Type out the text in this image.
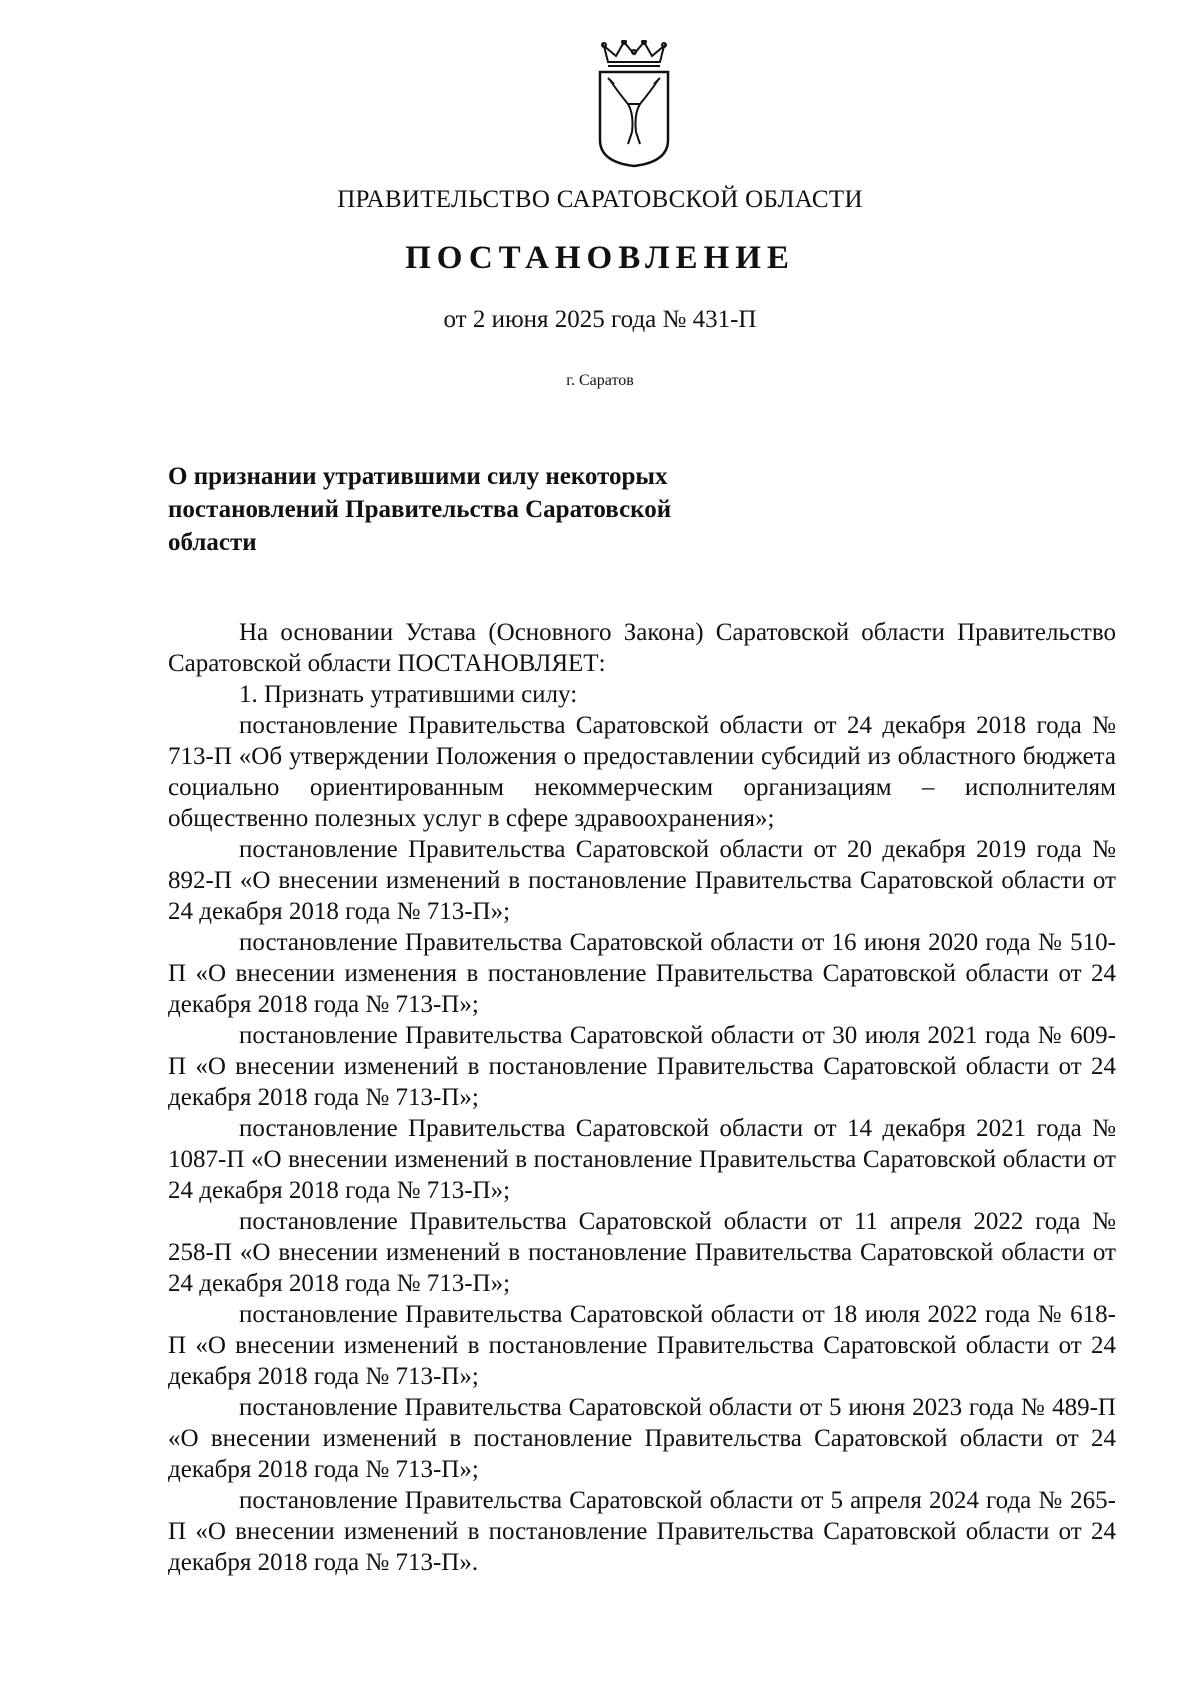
ПРАВИТЕЛЬСТВО САРАТОВСКОЙ ОБЛАСТИ
ПОСТАНОВЛЕНИЕ
от 2 июня 2025 года № 431-П
г. Саратов
О признании утратившими силу некоторых
постановлений Правительства Саратовской
области

На основании Устава (Основного Закона) Саратовской области Правительство Саратовской области ПОСТАНОВЛЯЕТ:

1. Признать утратившими силу:

постановление Правительства Саратовской области от 24 декабря 2018 года № 713-П «Об утверждении Положения о предоставлении субсидий из областного бюджета социально ориентированным некоммерческим организациям – исполнителям общественно полезных услуг в сфере здравоохранения»;

постановление Правительства Саратовской области от 20 декабря 2019 года № 892-П «О внесении изменений в постановление Правительства Саратовской области от 24 декабря 2018 года № 713-П»;

постановление Правительства Саратовской области от 16 июня 2020 года № 510-П «О внесении изменения в постановление Правительства Саратовской области от 24 декабря 2018 года № 713-П»;

постановление Правительства Саратовской области от 30 июля 2021 года № 609-П «О внесении изменений в постановление Правительства Саратовской области от 24 декабря 2018 года № 713-П»;

постановление Правительства Саратовской области от 14 декабря 2021 года № 1087-П «О внесении изменений в постановление Правительства Саратовской области от 24 декабря 2018 года № 713-П»;

постановление Правительства Саратовской области от 11 апреля 2022 года № 258-П «О внесении изменений в постановление Правительства Саратовской области от 24 декабря 2018 года № 713-П»;

постановление Правительства Саратовской области от 18 июля 2022 года № 618-П «О внесении изменений в постановление Правительства Саратовской области от 24 декабря 2018 года № 713-П»;

постановление Правительства Саратовской области от 5 июня 2023 года № 489-П «О внесении изменений в постановление Правительства Саратовской области от 24 декабря 2018 года № 713-П»;

постановление Правительства Саратовской области от 5 апреля 2024 года № 265-П «О внесении изменений в постановление Правительства Саратовской области от 24 декабря 2018 года № 713-П».
